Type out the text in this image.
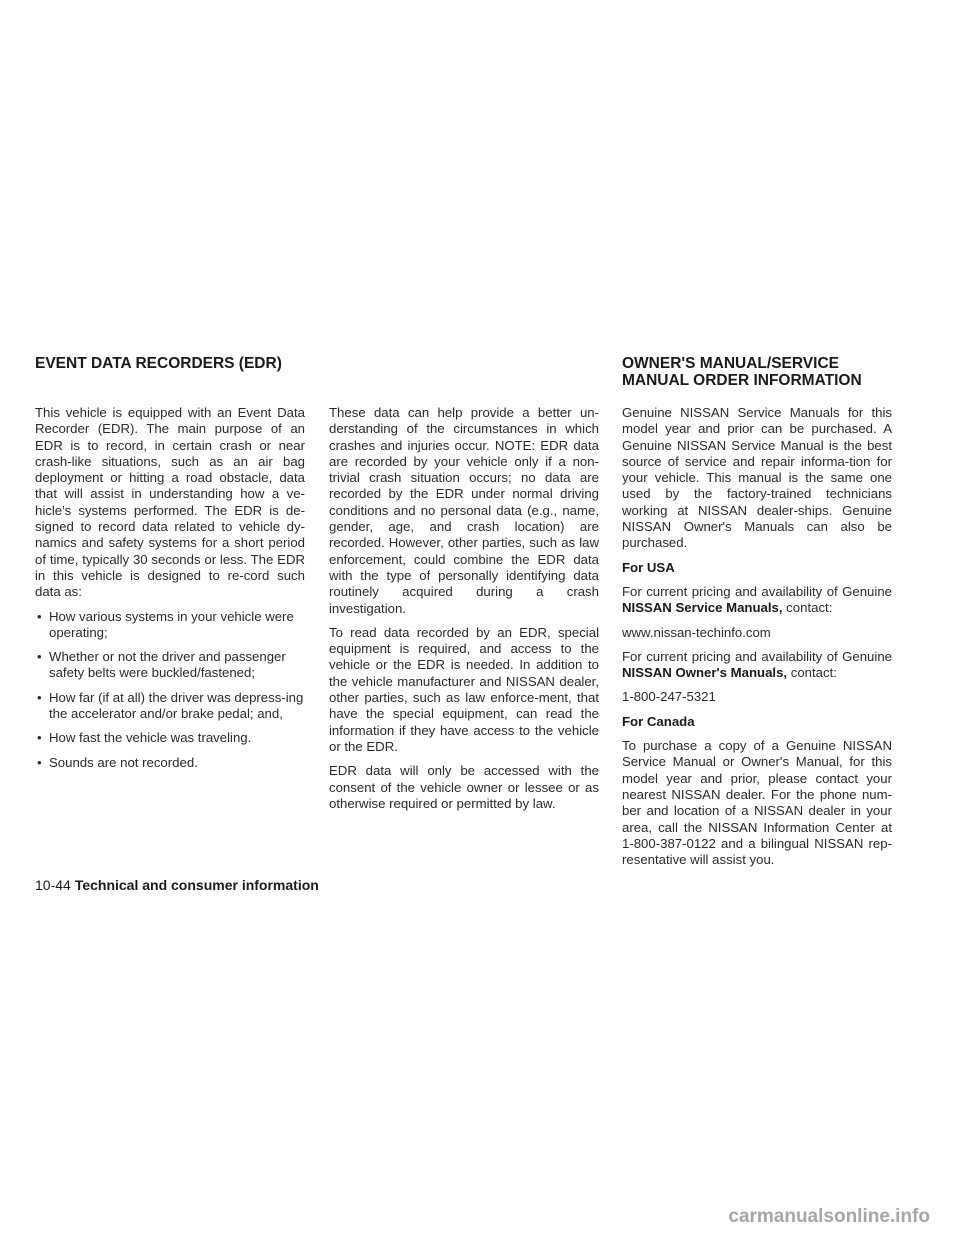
EVENT DATA RECORDERS (EDR)	OWNER'S MANUAL/SERVICE
MANUAL ORDER INFORMATION

This vehicle is equipped with an Event Data Recorder (EDR). The main purpose of an EDR is to record, in certain crash or near crash-like situations, such as an air bag deployment or hitting a road obstacle, data that will assist in understanding how a ve-hicle's systems performed. The EDR is de-signed to record data related to vehicle dy-namics and safety systems for a short period of time, typically 30 seconds or less. The EDR in this vehicle is designed to re-cord such data as:

• How various systems in your vehicle were operating;
• Whether or not the driver and passenger safety belts were buckled/fastened;
• How far (if at all) the driver was depress-ing the accelerator and/or brake pedal; and,
• How fast the vehicle was traveling.
• Sounds are not recorded.

These data can help provide a better un-derstanding of the circumstances in which crashes and injuries occur. NOTE: EDR data are recorded by your vehicle only if a non-trivial crash situation occurs; no data are recorded by the EDR under normal driving conditions and no personal data (e.g., name, gender, age, and crash location) are recorded. However, other parties, such as law enforcement, could combine the EDR data with the type of personally identifying data routinely acquired during a crash investigation.

To read data recorded by an EDR, special equipment is required, and access to the vehicle or the EDR is needed. In addition to the vehicle manufacturer and NISSAN dealer, other parties, such as law enforce-ment, that have the special equipment, can read the information if they have access to the vehicle or the EDR.

EDR data will only be accessed with the consent of the vehicle owner or lessee or as otherwise required or permitted by law.

Genuine NISSAN Service Manuals for this model year and prior can be purchased. A Genuine NISSAN Service Manual is the best source of service and repair informa-tion for your vehicle. This manual is the same one used by the factory-trained technicians working at NISSAN dealer-ships. Genuine NISSAN Owner's Manuals can also be purchased.

For USA

For current pricing and availability of Genuine NISSAN Service Manuals, contact:

www.nissan-techinfo.com

For current pricing and availability of Genuine NISSAN Owner's Manuals, contact:

1-800-247-5321

For Canada

To purchase a copy of a Genuine NISSAN Service Manual or Owner's Manual, for this model year and prior, please contact your nearest NISSAN dealer. For the phone num-ber and location of a NISSAN dealer in your area, call the NISSAN Information Center at 1-800-387-0122 and a bilingual NISSAN rep-resentative will assist you.

10-44 Technical and consumer information
carmanualsonline.info
